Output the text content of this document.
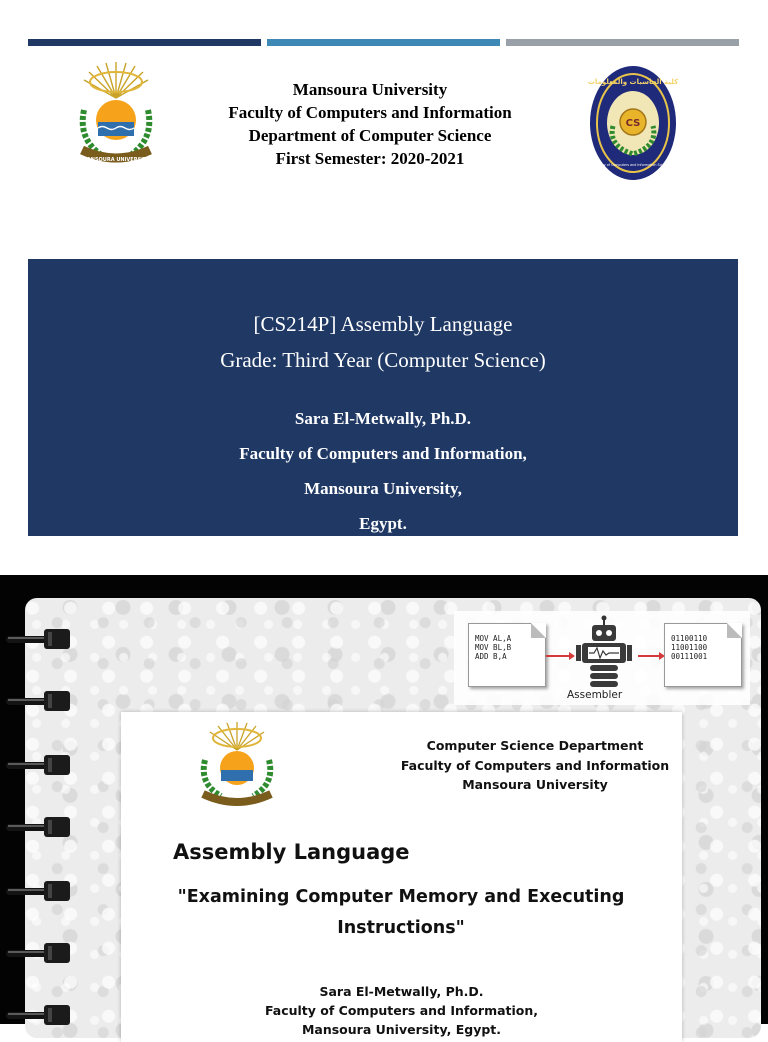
MANSOURA UNIVERSITY
Mansoura University
Faculty of Computers and Information
Department of Computer Science
First Semester: 2020-2021
CS
كلية الحاسبات والمعلومات
Faculty of Computers and Information Sciences
[CS214P] Assembly Language
Grade: Third Year (Computer Science)
Sara El-Metwally, Ph.D.
Faculty of Computers and Information,
Mansoura University,
Egypt.
MOV AL,A
MOV BL,B
ADD B,A
01100110
11001100
00111001
Assembler
Computer Science Department
Faculty of Computers and Information
Mansoura University
Assembly Language
"Examining Computer Memory and Executing
Instructions"
Sara El-Metwally, Ph.D.
Faculty of Computers and Information,
Mansoura University, Egypt.
